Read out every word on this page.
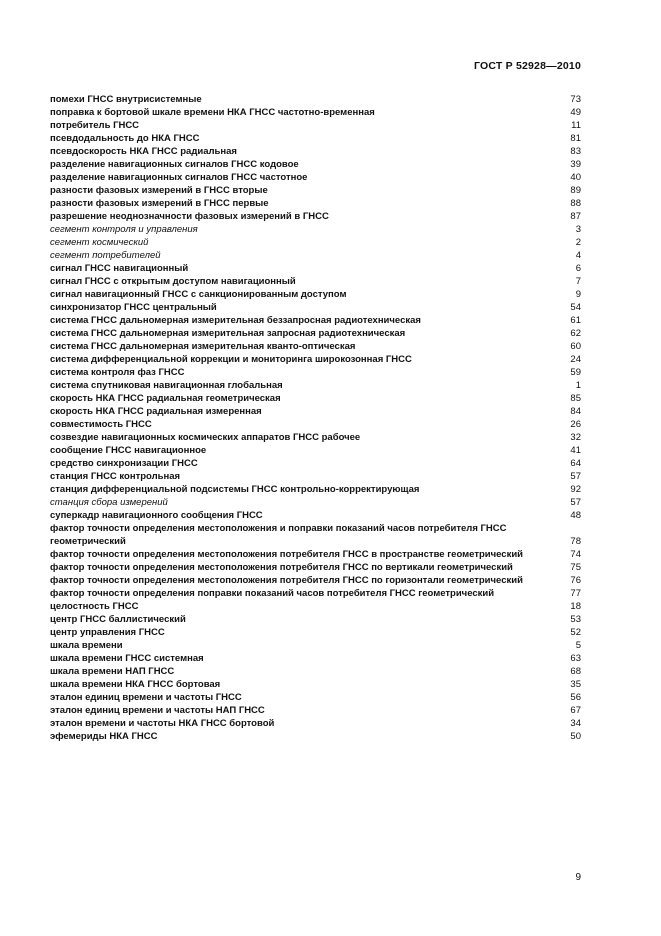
ГОСТ Р 52928—2010
помехи ГНСС внутрисистемные	73
поправка к бортовой шкале времени НКА ГНСС частотно-временная	49
потребитель ГНСС	11
псевдодальность до НКА ГНСС	81
псевдоскорость НКА ГНСС радиальная	83
разделение навигационных сигналов ГНСС кодовое	39
разделение навигационных сигналов ГНСС частотное	40
разности фазовых измерений в ГНСС вторые	89
разности фазовых измерений в ГНСС первые	88
разрешение неоднозначности фазовых измерений в ГНСС	87
сегмент контроля и управления	3
сегмент космический	2
сегмент потребителей	4
сигнал ГНСС навигационный	6
сигнал ГНСС с открытым доступом навигационный	7
сигнал навигационный ГНСС с санкционированным доступом	9
синхронизатор ГНСС центральный	54
система ГНСС дальномерная измерительная беззапросная радиотехническая	61
система ГНСС дальномерная измерительная запросная радиотехническая	62
система ГНСС дальномерная измерительная кванто-оптическая	60
система дифференциальной коррекции и мониторинга широкозонная ГНСС	24
система контроля фаз ГНСС	59
система спутниковая навигационная глобальная	1
скорость НКА ГНСС радиальная геометрическая	85
скорость НКА ГНСС радиальная измеренная	84
совместимость ГНСС	26
созвездие навигационных космических аппаратов ГНСС рабочее	32
сообщение ГНСС навигационное	41
средство синхронизации ГНСС	64
станция ГНСС контрольная	57
станция дифференциальной подсистемы ГНСС контрольно-корректирующая	92
станция сбора измерений	57
суперкадр навигационного сообщения ГНСС	48
фактор точности определения местоположения и поправки показаний часов потребителя ГНСС геометрический	78
фактор точности определения местоположения потребителя ГНСС в пространстве геометрический	74
фактор точности определения местоположения потребителя ГНСС по вертикали геометрический	75
фактор точности определения местоположения потребителя ГНСС по горизонтали геометрический	76
фактор точности определения поправки показаний часов потребителя ГНСС геометрический	77
целостность ГНСС	18
центр ГНСС баллистический	53
центр управления ГНСС	52
шкала времени	5
шкала времени ГНСС системная	63
шкала времени НАП ГНСС	68
шкала времени НКА ГНСС бортовая	35
эталон единиц времени и частоты ГНСС	56
эталон единиц времени и частоты НАП ГНСС	67
эталон времени и частоты НКА ГНСС бортовой	34
эфемериды НКА ГНСС	50
9
